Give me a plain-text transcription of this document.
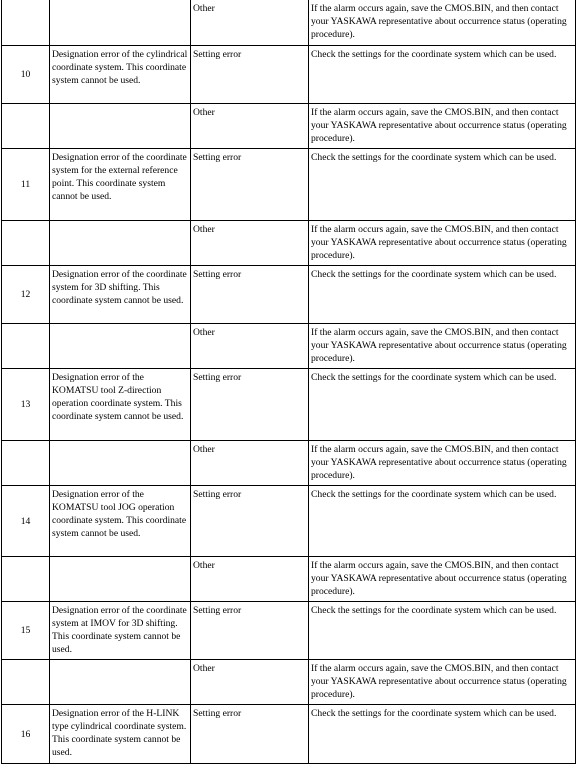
		Other	If the alarm occurs again, save the CMOS.BIN, and then contact your YASKAWA representative about occurrence status (operating procedure).
10	Designation error of the cylindrical coordinate system. This coordinate system cannot be used.	Setting error	Check the settings for the coordinate system which can be used.
		Other	If the alarm occurs again, save the CMOS.BIN, and then contact your YASKAWA representative about occurrence status (operating procedure).
11	Designation error of the coordinate system for the external reference point. This coordinate system cannot be used.	Setting error	Check the settings for the coordinate system which can be used.
		Other	If the alarm occurs again, save the CMOS.BIN, and then contact your YASKAWA representative about occurrence status (operating procedure).
12	Designation error of the coordinate system for 3D shifting. This coordinate system cannot be used.	Setting error	Check the settings for the coordinate system which can be used.
		Other	If the alarm occurs again, save the CMOS.BIN, and then contact your YASKAWA representative about occurrence status (operating procedure).
13	Designation error of the KOMATSU tool Z-direction operation coordinate system. This coordinate system cannot be used.	Setting error	Check the settings for the coordinate system which can be used.
		Other	If the alarm occurs again, save the CMOS.BIN, and then contact your YASKAWA representative about occurrence status (operating procedure).
14	Designation error of the KOMATSU tool JOG operation coordinate system. This coordinate system cannot be used.	Setting error	Check the settings for the coordinate system which can be used.
		Other	If the alarm occurs again, save the CMOS.BIN, and then contact your YASKAWA representative about occurrence status (operating procedure).
15	Designation error of the coordinate system at IMOV for 3D shifting. This coordinate system cannot be used.	Setting error	Check the settings for the coordinate system which can be used.
		Other	If the alarm occurs again, save the CMOS.BIN, and then contact your YASKAWA representative about occurrence status (operating procedure).
16	Designation error of the H-LINK type cylindrical coordinate system. This coordinate system cannot be used.	Setting error	Check the settings for the coordinate system which can be used.
